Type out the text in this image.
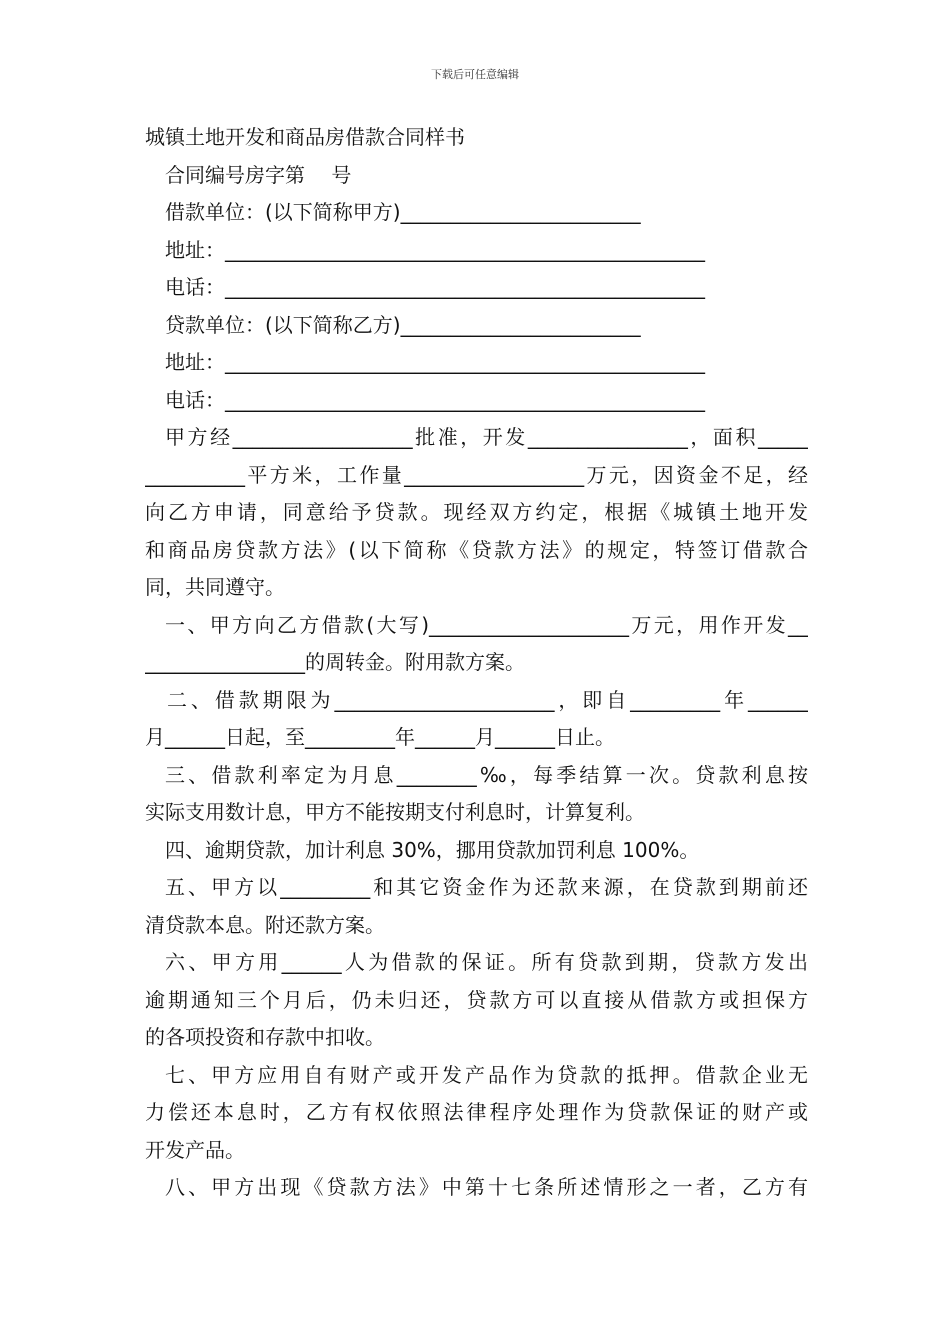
下载后可任意编辑
城镇土地开发和商品房借款合同样书
合同编号房字第　 号
借款单位：(以下简称甲方)________________________
地址：________________________________________________
电话：________________________________________________
贷款单位：(以下简称乙方)________________________
地址：________________________________________________
电话：________________________________________________
甲方经__________________批准，开发________________，面积_____
__________平方米，工作量__________________万元，因资金不足，经
向乙方申请，同意给予贷款。现经双方约定，根据《城镇土地开发
和商品房贷款方法》(以下简称《贷款方法》的规定，特签订借款合
同，共同遵守。
一、甲方向乙方借款(大写)____________________万元，用作开发__
________________的周转金。附用款方案。
二、借款期限为______________________，即自_________年______
月______日起，至_________年______月______日止。
三、借款利率定为月息________‰，每季结算一次。贷款利息按
实际支用数计息，甲方不能按期支付利息时，计算复利。
四、逾期贷款，加计利息 30%，挪用贷款加罚利息 100%。
五、甲方以_________和其它资金作为还款来源，在贷款到期前还
清贷款本息。附还款方案。
六、甲方用______人为借款的保证。所有贷款到期，贷款方发出
逾期通知三个月后，仍未归还，贷款方可以直接从借款方或担保方
的各项投资和存款中扣收。
七、甲方应用自有财产或开发产品作为贷款的抵押。借款企业无
力偿还本息时，乙方有权依照法律程序处理作为贷款保证的财产或
开发产品。
八、甲方出现《贷款方法》中第十七条所述情形之一者，乙方有
